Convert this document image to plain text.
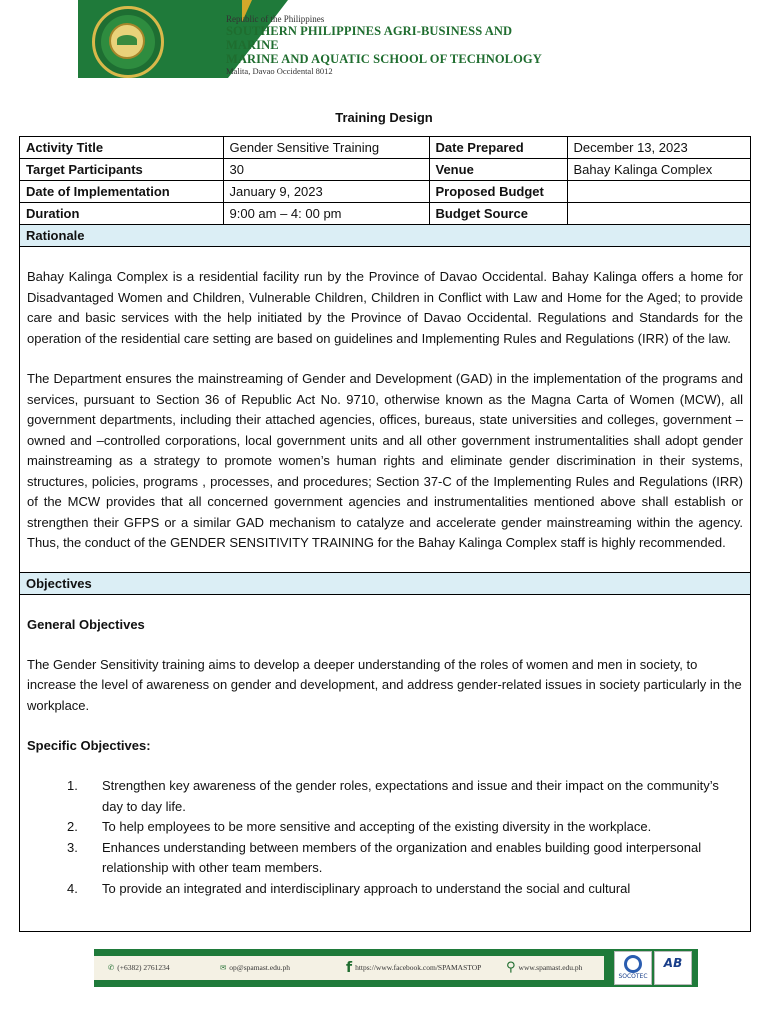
Republic of the Philippines
SOUTHERN PHILIPPINES AGRI-BUSINESS AND MARINE
MARINE AND AQUATIC SCHOOL OF TECHNOLOGY
Malita, Davao Occidental 8012
Training Design
Activity Title	Gender Sensitive Training	Date Prepared	December 13, 2023
Target Participants	30	Venue	Bahay Kalinga Complex
Date of Implementation	January 9, 2023	Proposed Budget	
Duration	9:00 am – 4: 00 pm	Budget Source	
Rationale

Bahay Kalinga Complex is a residential facility run by the Province of Davao Occidental. Bahay Kalinga offers a home for Disadvantaged Women and Children, Vulnerable Children, Children in Conflict with Law and Home for the Aged; to provide care and basic services with the help initiated by the Province of Davao Occidental. Regulations and Standards for the operation of the residential care setting are based on guidelines and Implementing Rules and Regulations (IRR) of the law.

The Department ensures the mainstreaming of Gender and Development (GAD) in the implementation of the programs and services, pursuant to Section 36 of Republic Act No. 9710, otherwise known as the Magna Carta of Women (MCW), all government departments, including their attached agencies, offices, bureaus, state universities and colleges, government –owned and –controlled corporations, local government units and all other government instrumentalities shall adopt gender mainstreaming as a strategy to promote women’s human rights and eliminate gender discrimination in their systems, structures, policies, programs , processes, and procedures; Section 37-C of the Implementing Rules and Regulations (IRR) of the MCW provides that all concerned government agencies and instrumentalities mentioned above shall establish or strengthen their GFPS or a similar GAD mechanism to catalyze and accelerate gender mainstreaming within the agency. Thus, the conduct of the GENDER SENSITIVITY TRAINING for the Bahay Kalinga Complex staff is highly recommended.

Objectives
General Objectives

The Gender Sensitivity training aims to develop a deeper understanding of the roles of women and men in society, to increase the level of awareness on gender and development, and address gender-related issues in society particularly in the workplace.

Specific Objectives:
1. Strengthen key awareness of the gender roles, expectations and issue and their impact on the community’s day to day life.
2. To help employees to be more sensitive and accepting of the existing diversity in the workplace.
3. Enhances understanding between members of the organization and enables building good interpersonal relationship with other team members.
4. To provide an integrated and interdisciplinary approach to understand the social and cultural
✆ (+6382) 2761234	✉ op@spamast.edu.ph	fhttps://www.facebook.com/SPAMASTOP ⚲ www.spamast.edu.ph
SOCOTEC
AB
